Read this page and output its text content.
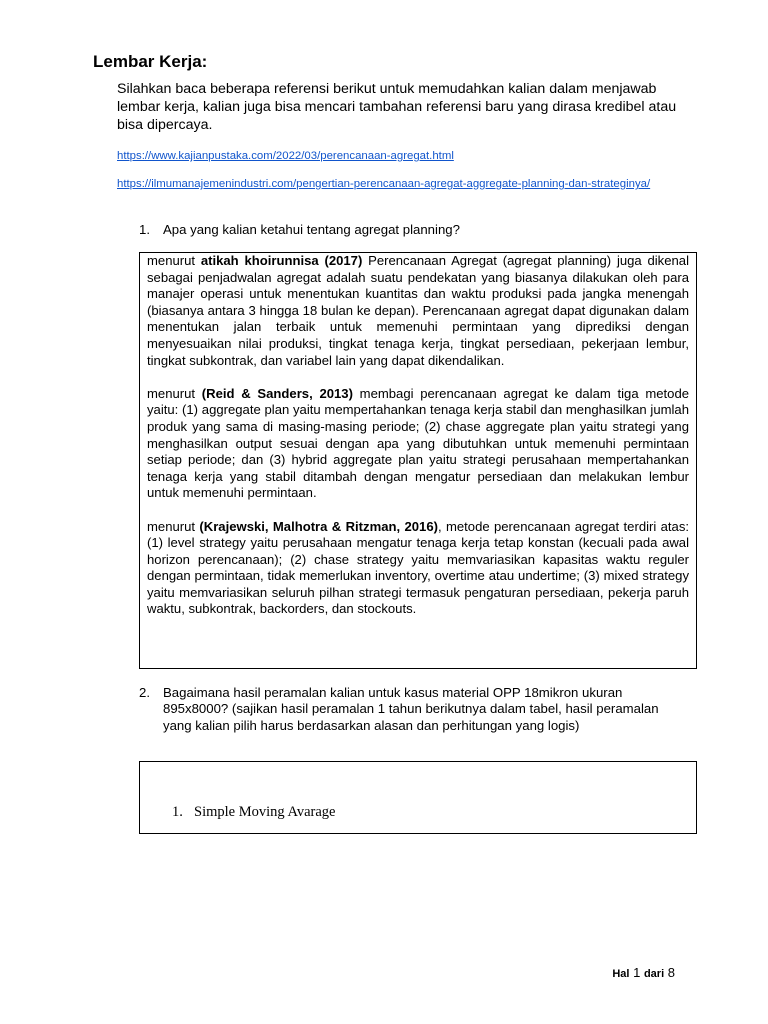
Lembar Kerja:
Silahkan baca beberapa referensi berikut untuk memudahkan kalian dalam menjawab lembar kerja, kalian juga bisa mencari tambahan referensi baru yang dirasa kredibel atau bisa dipercaya.
https://www.kajianpustaka.com/2022/03/perencanaan-agregat.html
https://ilmumanajemenindustri.com/pengertian-perencanaan-agregat-aggregate-planning-dan-strateginya/
1. Apa yang kalian ketahui tentang agregat planning?

menurut atikah khoirunnisa (2017) Perencanaan Agregat (agregat planning) juga dikenal sebagai penjadwalan agregat adalah suatu pendekatan yang biasanya dilakukan oleh para manajer operasi untuk menentukan kuantitas dan waktu produksi pada jangka menengah (biasanya antara 3 hingga 18 bulan ke depan). Perencanaan agregat dapat digunakan dalam menentukan jalan terbaik untuk memenuhi permintaan yang diprediksi dengan menyesuaikan nilai produksi, tingkat tenaga kerja, tingkat persediaan, pekerjaan lembur, tingkat subkontrak, dan variabel lain yang dapat dikendalikan.

menurut (Reid & Sanders, 2013) membagi perencanaan agregat ke dalam tiga metode yaitu: (1) aggregate plan yaitu mempertahankan tenaga kerja stabil dan menghasilkan jumlah produk yang sama di masing-masing periode; (2) chase aggregate plan yaitu strategi yang menghasilkan output sesuai dengan apa yang dibutuhkan untuk memenuhi permintaan setiap periode; dan (3) hybrid aggregate plan yaitu strategi perusahaan mempertahankan tenaga kerja yang stabil ditambah dengan mengatur persediaan dan melakukan lembur untuk memenuhi permintaan.

menurut (Krajewski, Malhotra & Ritzman, 2016), metode perencanaan agregat terdiri atas: (1) level strategy yaitu perusahaan mengatur tenaga kerja tetap konstan (kecuali pada awal horizon perencanaan); (2) chase strategy yaitu memvariasikan kapasitas waktu reguler dengan permintaan, tidak memerlukan inventory, overtime atau undertime; (3) mixed strategy yaitu memvariasikan seluruh pilhan strategi termasuk pengaturan persediaan, pekerja paruh waktu, subkontrak, backorders, dan stockouts.

2. Bagaimana hasil peramalan kalian untuk kasus material OPP 18mikron ukuran 895x8000? (sajikan hasil peramalan 1 tahun berikutnya dalam tabel, hasil peramalan yang kalian pilih harus berdasarkan alasan dan perhitungan yang logis)
1. Simple Moving Avarage
Hal 1 dari 8
